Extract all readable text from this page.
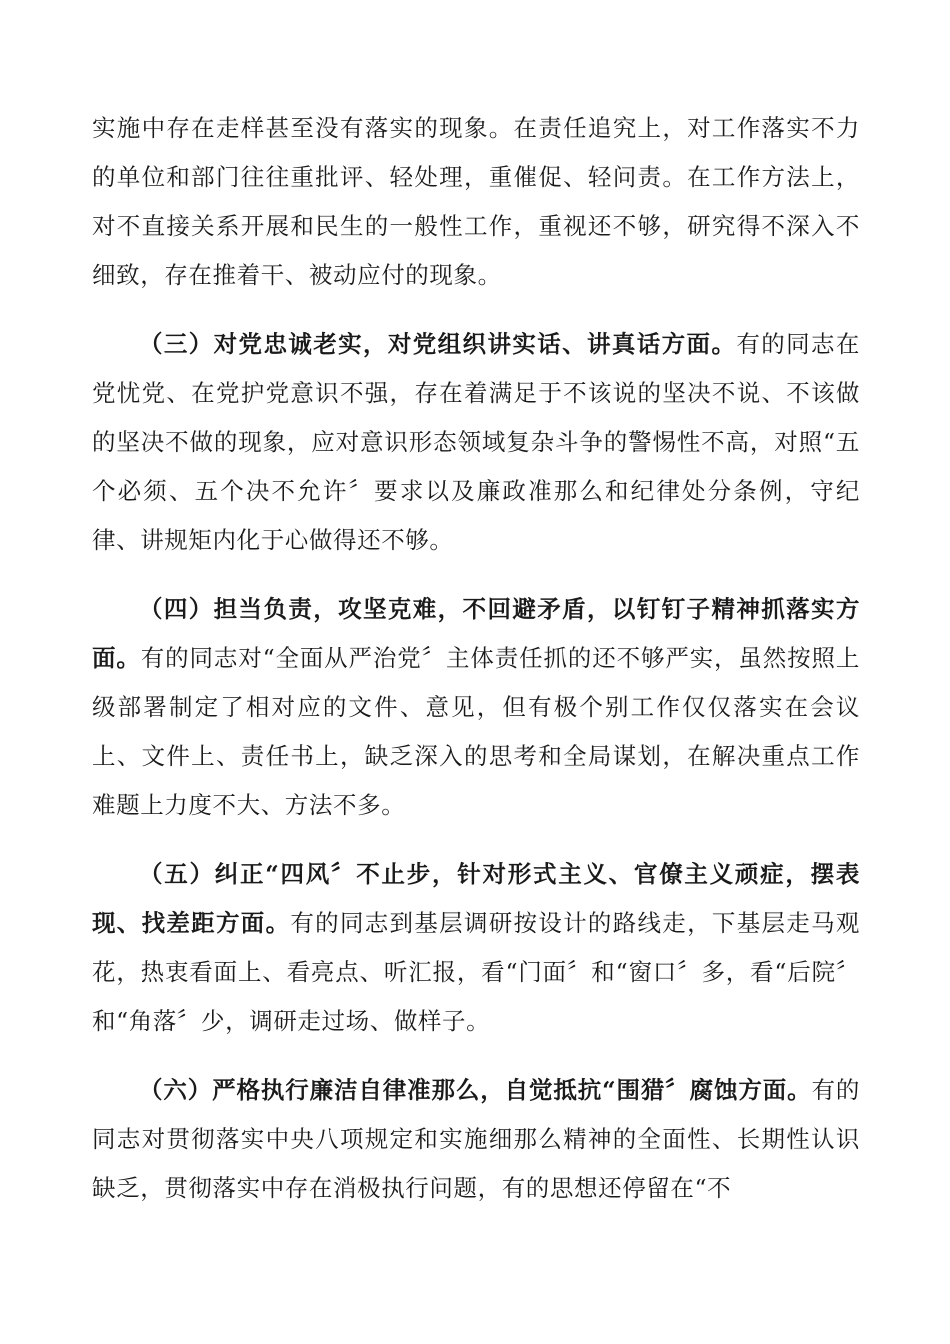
实施中存在走样甚至没有落实的现象。在责任追究上，对工作落实不力的单位和部门往往重批评、轻处理，重催促、轻问责。在工作方法上，对不直接关系开展和民生的一般性工作，重视还不够，研究得不深入不细致，存在推着干、被动应付的现象。

（三）对党忠诚老实，对党组织讲实话、讲真话方面。有的同志在党忧党、在党护党意识不强，存在着满足于不该说的坚决不说、不该做的坚决不做的现象，应对意识形态领域复杂斗争的警惕性不高，对照“五个必须、五个决不允许〞要求以及廉政准那么和纪律处分条例，守纪律、讲规矩内化于心做得还不够。

（四）担当负责，攻坚克难，不回避矛盾，以钉钉子精神抓落实方面。有的同志对“全面从严治党〞主体责任抓的还不够严实，虽然按照上级部署制定了相对应的文件、意见，但有极个别工作仅仅落实在会议上、文件上、责任书上，缺乏深入的思考和全局谋划，在解决重点工作难题上力度不大、方法不多。

（五）纠正“四风〞不止步，针对形式主义、官僚主义顽症，摆表现、找差距方面。有的同志到基层调研按设计的路线走，下基层走马观花，热衷看面上、看亮点、听汇报，看“门面〞和“窗口〞多，看“后院〞和“角落〞少，调研走过场、做样子。

（六）严格执行廉洁自律准那么，自觉抵抗“围猎〞腐蚀方面。有的同志对贯彻落实中央八项规定和实施细那么精神的全面性、长期性认识缺乏，贯彻落实中存在消极执行问题，有的思想还停留在“不
